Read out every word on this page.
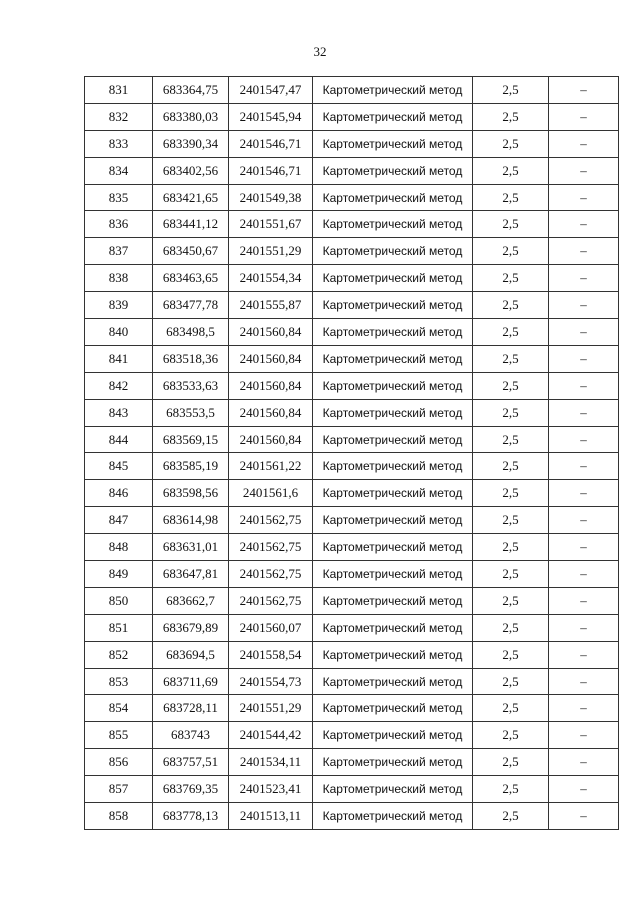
32
831	683364,75	2401547,47	Картометрический метод	2,5	–
832	683380,03	2401545,94	Картометрический метод	2,5	–
833	683390,34	2401546,71	Картометрический метод	2,5	–
834	683402,56	2401546,71	Картометрический метод	2,5	–
835	683421,65	2401549,38	Картометрический метод	2,5	–
836	683441,12	2401551,67	Картометрический метод	2,5	–
837	683450,67	2401551,29	Картометрический метод	2,5	–
838	683463,65	2401554,34	Картометрический метод	2,5	–
839	683477,78	2401555,87	Картометрический метод	2,5	–
840	683498,5	2401560,84	Картометрический метод	2,5	–
841	683518,36	2401560,84	Картометрический метод	2,5	–
842	683533,63	2401560,84	Картометрический метод	2,5	–
843	683553,5	2401560,84	Картометрический метод	2,5	–
844	683569,15	2401560,84	Картометрический метод	2,5	–
845	683585,19	2401561,22	Картометрический метод	2,5	–
846	683598,56	2401561,6	Картометрический метод	2,5	–
847	683614,98	2401562,75	Картометрический метод	2,5	–
848	683631,01	2401562,75	Картометрический метод	2,5	–
849	683647,81	2401562,75	Картометрический метод	2,5	–
850	683662,7	2401562,75	Картометрический метод	2,5	–
851	683679,89	2401560,07	Картометрический метод	2,5	–
852	683694,5	2401558,54	Картометрический метод	2,5	–
853	683711,69	2401554,73	Картометрический метод	2,5	–
854	683728,11	2401551,29	Картометрический метод	2,5	–
855	683743	2401544,42	Картометрический метод	2,5	–
856	683757,51	2401534,11	Картометрический метод	2,5	–
857	683769,35	2401523,41	Картометрический метод	2,5	–
858	683778,13	2401513,11	Картометрический метод	2,5	–
